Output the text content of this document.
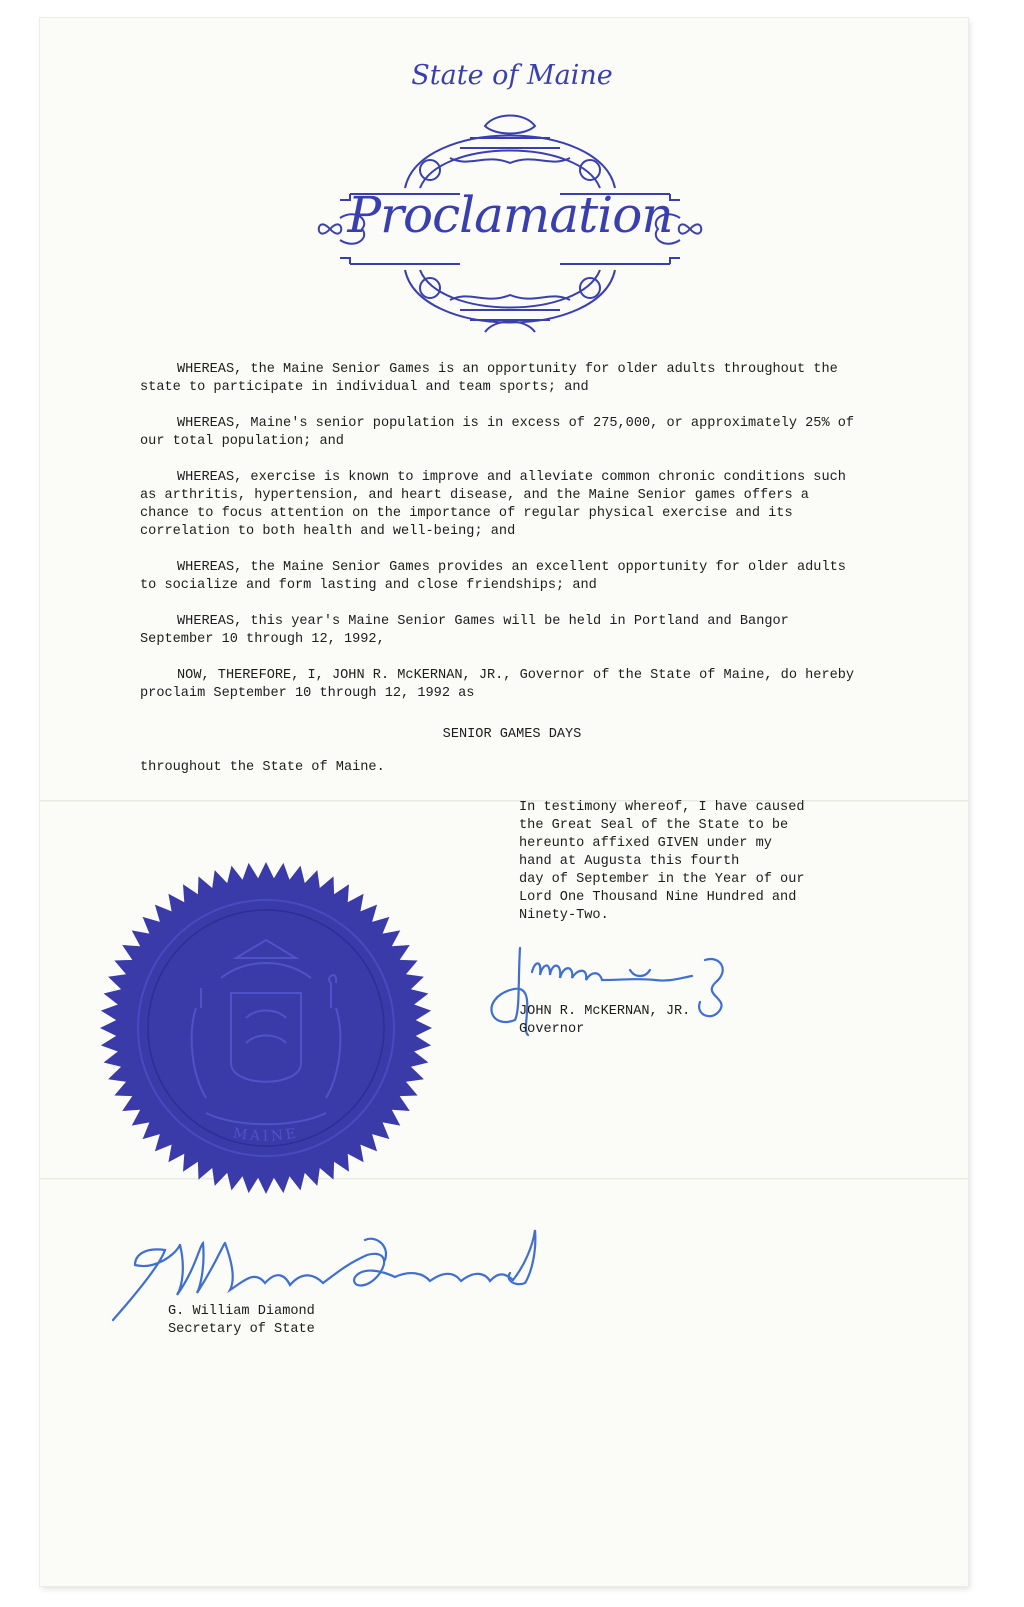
State of Maine
Proclamation

WHEREAS, the Maine Senior Games is an opportunity for older adults throughout the state to participate in individual and team sports; and

WHEREAS, Maine's senior population is in excess of 275,000, or approximately 25% of our total population; and

WHEREAS, exercise is known to improve and alleviate common chronic conditions such as arthritis, hypertension, and heart disease, and the Maine Senior games offers a chance to focus attention on the importance of regular physical exercise and its correlation to both health and well-being; and

WHEREAS, the Maine Senior Games provides an excellent opportunity for older adults to socialize and form lasting and close friendships; and

WHEREAS, this year's Maine Senior Games will be held in Portland and Bangor September 10 through 12, 1992,

NOW, THEREFORE, I, JOHN R. McKERNAN, JR., Governor of the State of Maine, do hereby proclaim September 10 through 12, 1992 as

SENIOR GAMES DAYS
throughout the State of Maine.
In testimony whereof, I have caused
the Great Seal of the State to be
hereunto affixed GIVEN under my
hand at Augusta this fourth
day of September in the Year of our
Lord One Thousand Nine Hundred and
Ninety-Two.
MAINE
JOHN R. McKERNAN, JR.
Governor
G. William Diamond
Secretary of State
